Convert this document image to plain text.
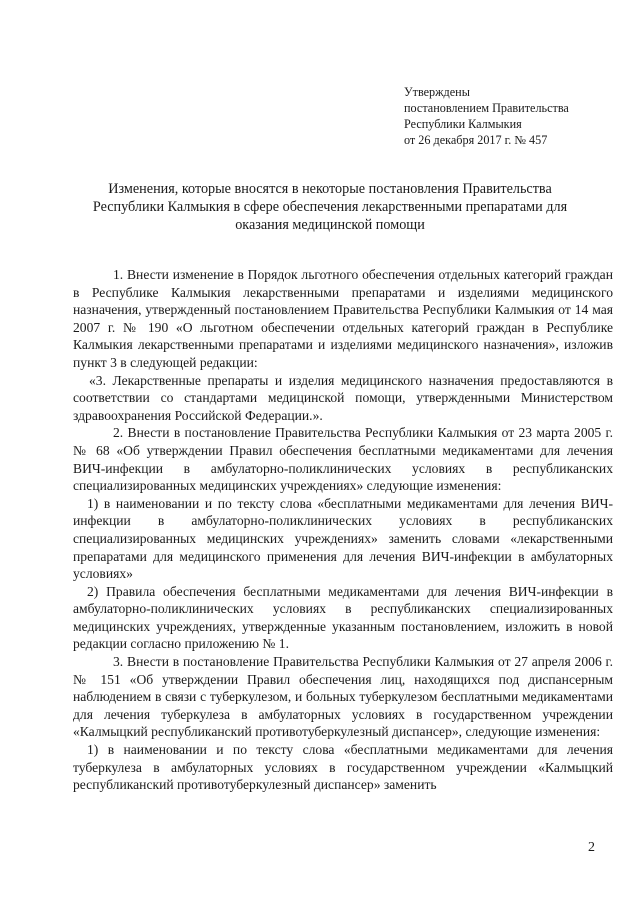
Утверждены
постановлением Правительства
Республики Калмыкия
от 26 декабря 2017 г. № 457
Изменения, которые вносятся в некоторые постановления Правительства
Республики Калмыкия в сфере обеспечения лекарственными препаратами для
оказания медицинской помощи

1. Внести изменение в Порядок льготного обеспечения отдельных категорий граждан в Республике Калмыкия лекарственными препаратами и изделиями медицинского назначения, утвержденный постановлением Правительства Республики Калмыкия от 14 мая 2007 г. № 190 «О льготном обеспечении отдельных категорий граждан в Республике Калмыкия лекарственными препаратами и изделиями медицинского назначения», изложив пункт 3 в следующей редакции:

«3. Лекарственные препараты и изделия медицинского назначения предоставляются в соответствии со стандартами медицинской помощи, утвержденными Министерством здравоохранения Российской Федерации.».

2. Внести в постановление Правительства Республики Калмыкия от 23 марта 2005 г. № 68 «Об утверждении Правил обеспечения бесплатными медикаментами для лечения ВИЧ-инфекции в амбулаторно-поликлинических условиях в республиканских специализированных медицинских учреждениях» следующие изменения:

1) в наименовании и по тексту слова «бесплатными медикаментами для лечения ВИЧ-инфекции в амбулаторно-поликлинических условиях в республиканских специализированных медицинских учреждениях» заменить словами «лекарственными препаратами для медицинского применения для лечения ВИЧ-инфекции в амбулаторных условиях»

2) Правила обеспечения бесплатными медикаментами для лечения ВИЧ-инфекции в амбулаторно-поликлинических условиях в республиканских специализированных медицинских учреждениях, утвержденные указанным постановлением, изложить в новой редакции согласно приложению № 1.

3. Внести в постановление Правительства Республики Калмыкия от 27 апреля 2006 г. № 151 «Об утверждении Правил обеспечения лиц, находящихся под диспансерным наблюдением в связи с туберкулезом, и больных туберкулезом бесплатными медикаментами для лечения туберкулеза в амбулаторных условиях в государственном учреждении «Калмыцкий республиканский противотуберкулезный диспансер», следующие изменения:

1) в наименовании и по тексту слова «бесплатными медикаментами для лечения туберкулеза в амбулаторных условиях в государственном учреждении «Калмыцкий республиканский противотуберкулезный диспансер» заменить

2
